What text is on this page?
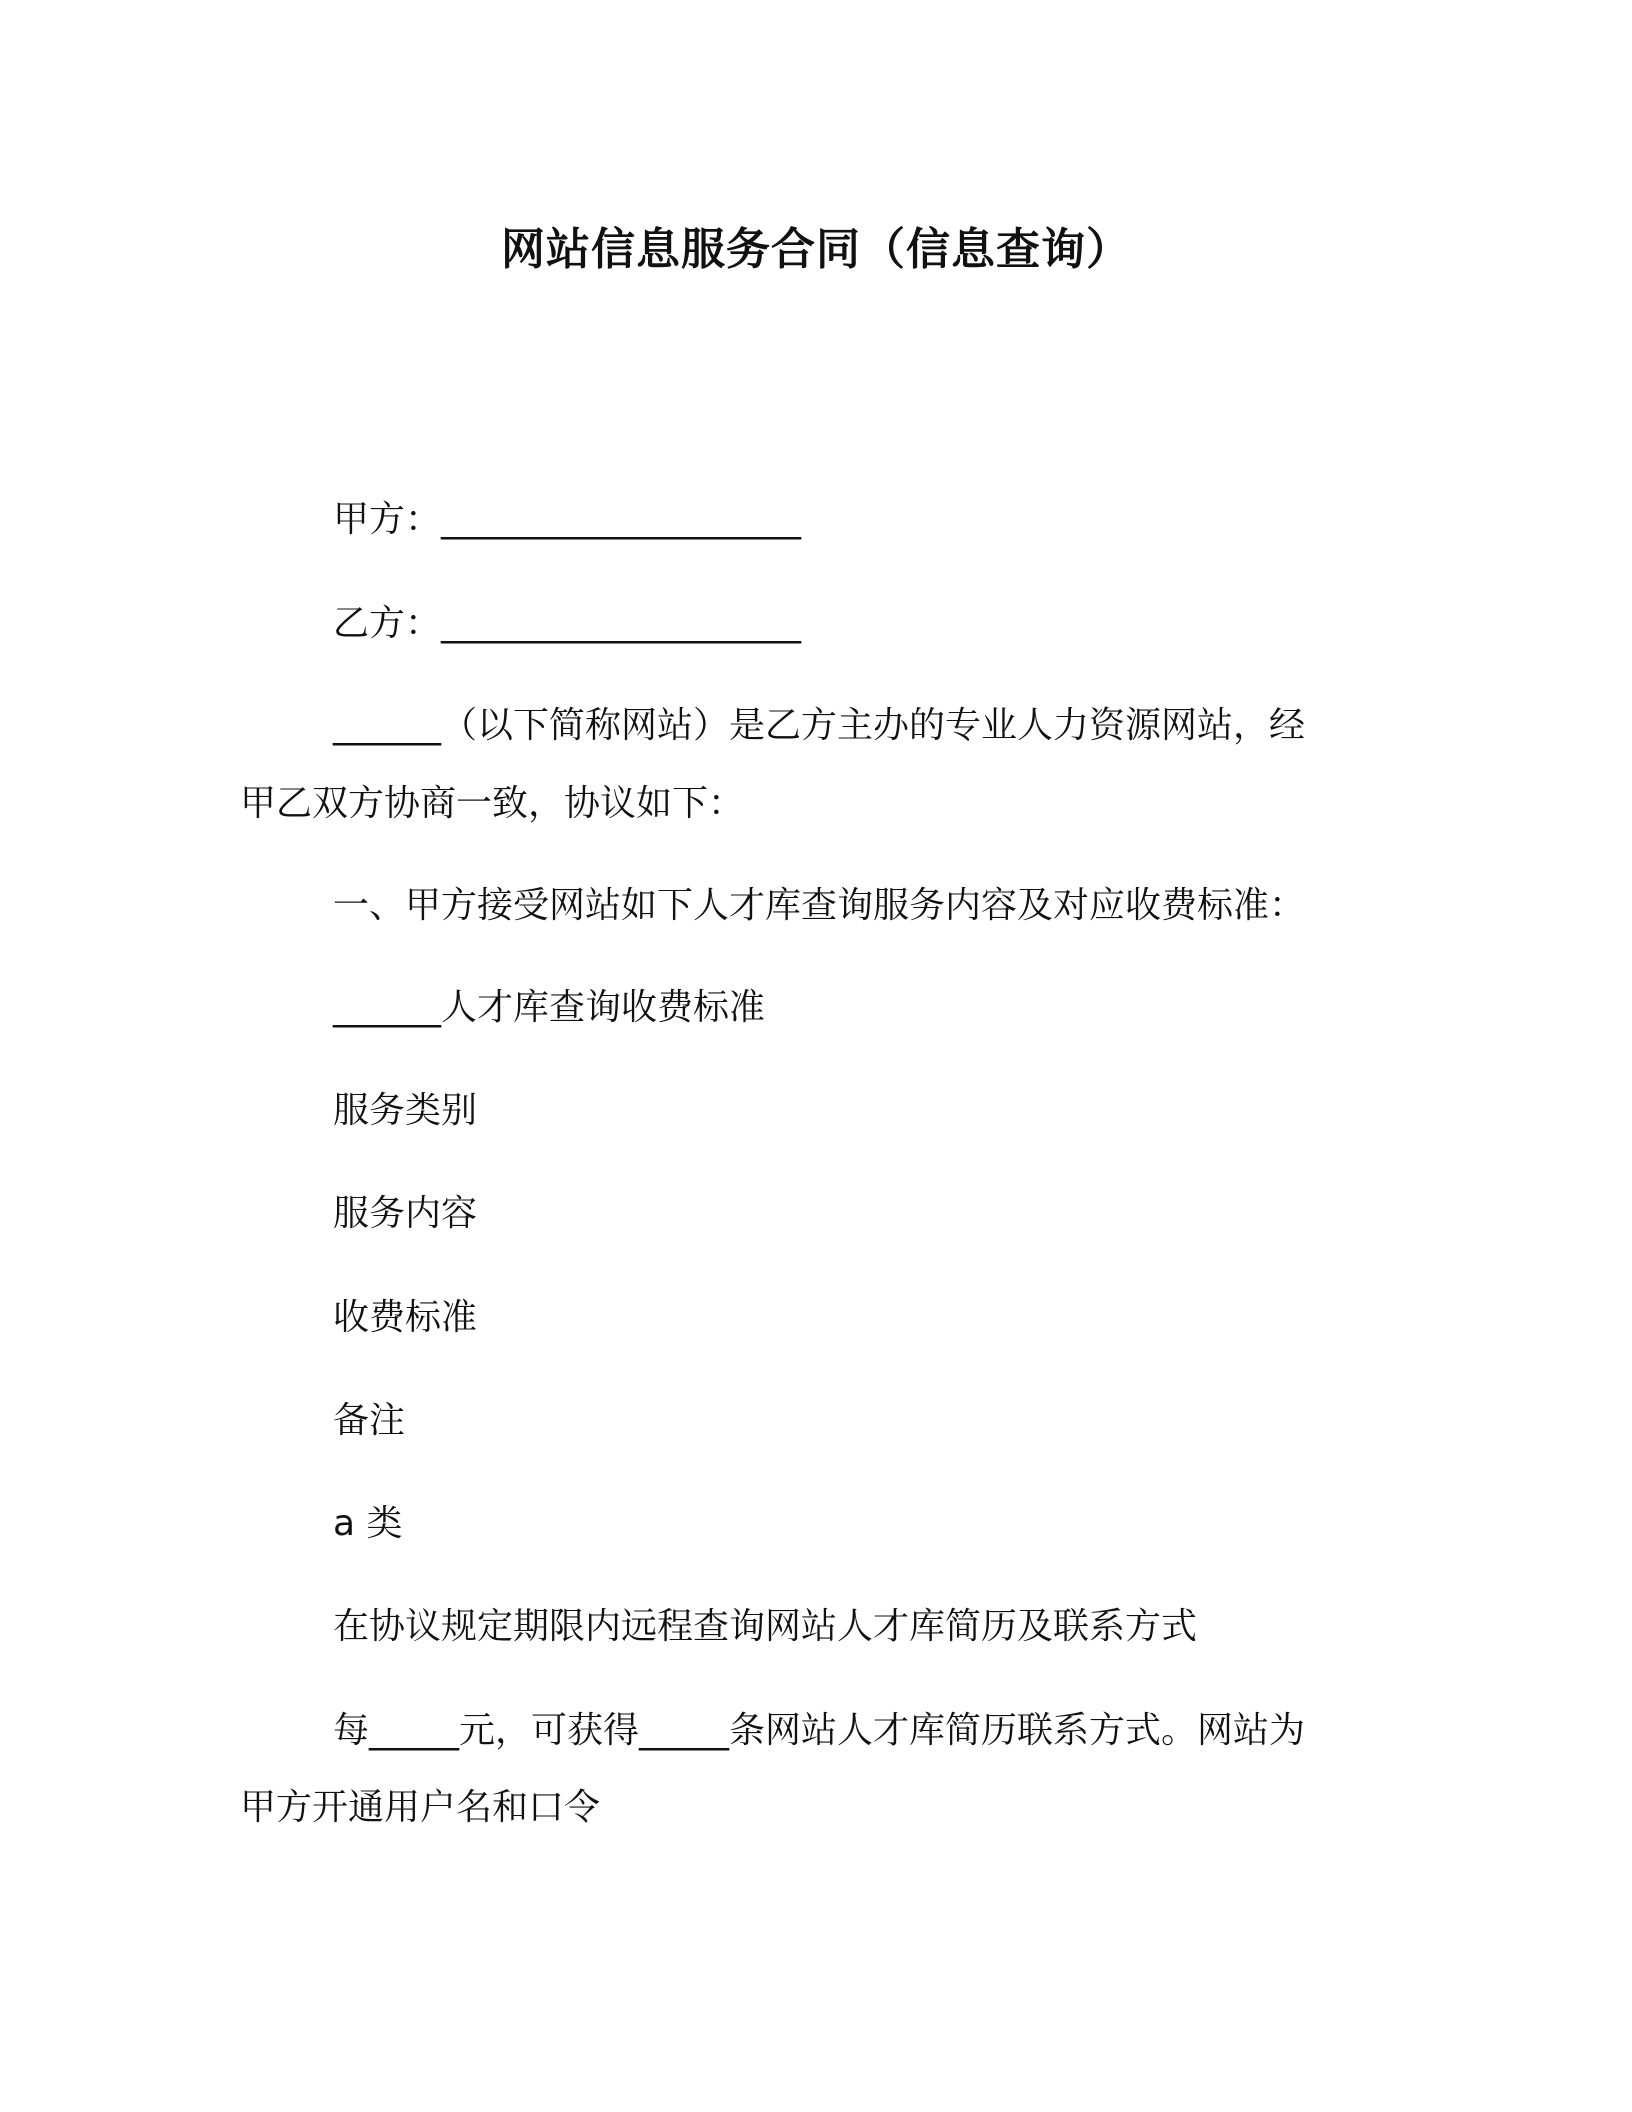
网站信息服务合同（信息查询）
甲方：____________________
乙方：____________________
______（以下简称网站）是乙方主办的专业人力资源网站，经
甲乙双方协商一致，协议如下：
一、甲方接受网站如下人才库查询服务内容及对应收费标准：
______人才库查询收费标准
服务类别
服务内容
收费标准
备注
a 类
在协议规定期限内远程查询网站人才库简历及联系方式
每_____元，可获得_____条网站人才库简历联系方式。网站为
甲方开通用户名和口令
